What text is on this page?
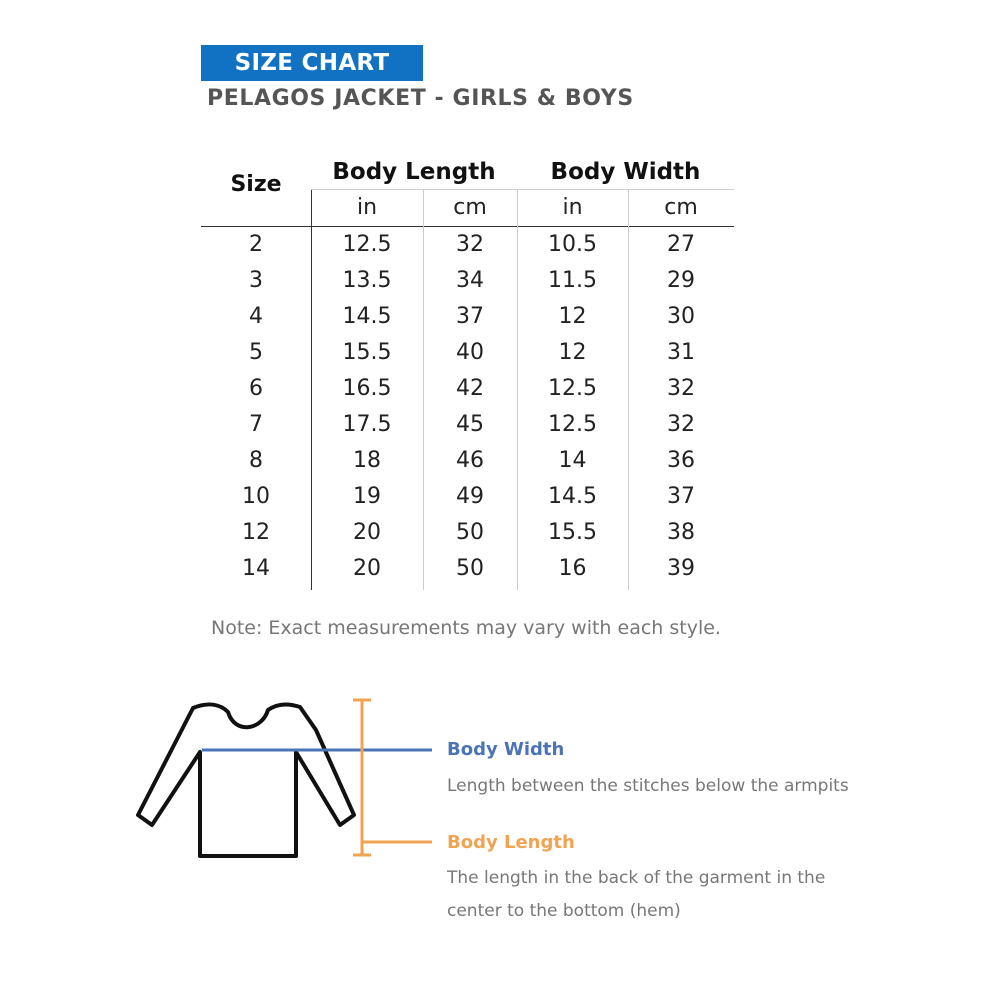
SIZE CHART
PELAGOS JACKET - GIRLS & BOYS
Size	Body Length	Body Width
in	cm	in	cm
2	12.5	32	10.5	27
3	13.5	34	11.5	29
4	14.5	37	12	30
5	15.5	40	12	31
6	16.5	42	12.5	32
7	17.5	45	12.5	32
8	18	46	14	36
10	19	49	14.5	37
12	20	50	15.5	38
14	20	50	16	39
Note: Exact measurements may vary with each style.
Body Width
Length between the stitches below the armpits
Body Length
The length in the back of the garment in the
center to the bottom (hem)
